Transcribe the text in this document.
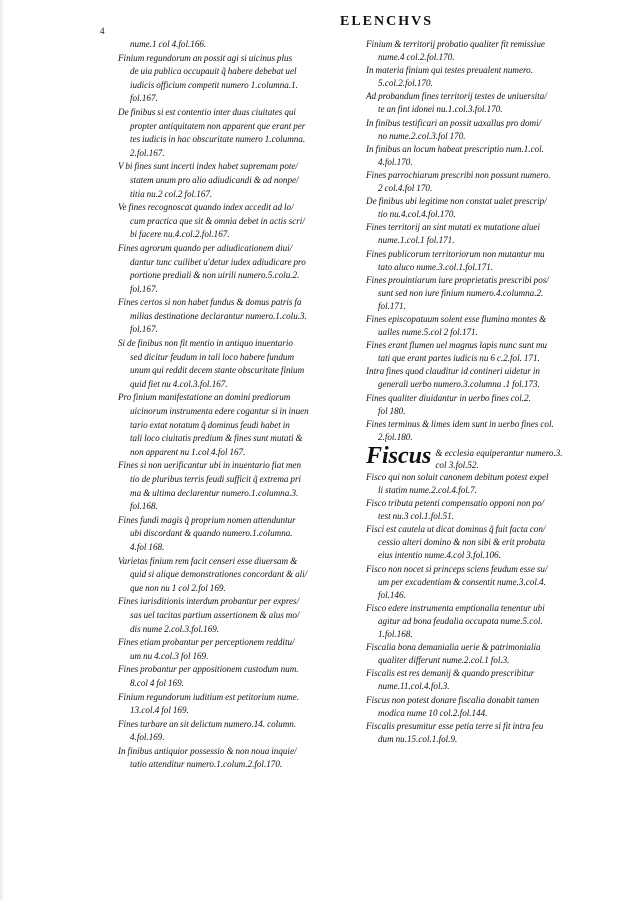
4
ELENCHVS

nume.1 col 4.fol.166.

Finium regundorum an possit agi si uicinus plus
de uia publica occupauit q̃ habere debebat uel
iudicis officium competit numero 1.columna.1.
fol.167.

De finibus si est contentio inter duas ciuitates qui
propter antiquitatem non apparent que erant per
tes iudicis in hac obscuritate numero 1.columna.
2.fol.167.

V bi fines sunt incerti index habet supremam pote/
statem unum pro alio adiudicandi & ad nonpe/
titia nu.2 col.2 fol.167.

Ve fines recognoscat quando index accedit ad lo/
cum practica que sit & omnia debet in actis scri/
bi facere nu.4.col.2.fol.167.

Fines agrorum quando per adiudicationem diui/
dantur tunc cuilibet u'detur iudex adiudicare pro
portione prediali & non uirili numero.5.colu.2.
fol.167.

Fines certos si non habet fundus & domus patris fa
milias destinatione declarantur numero.1.colu.3.
fol.167.

Si de finibus non fit mentio in antiquo inuentario
sed dicitur feudum in tali loco habere fundum
unum qui reddit decem stante obscuritate finium
quid fiet nu 4.col.3.fol.167.

Pro finium manifestatione an domini prediorum
uicinorum instrumenta edere cogantur si in inuen
tario extat notatum q̃ dominus feudi habet in
tali loco ciuitatis predium & fines sunt mutati &
non apparent nu 1.col 4.fol 167.

Fines si non uerificantur ubi in inuentario fiat men
tio de pluribus terris feudi sufficit q̃ extrema pri
ma & ultima declarentur numero.1.columna.3.
fol.168.

Fines fundi magis q̃ proprium nomen attenduntur
ubi discordant & quando numero.1.columna.
4.fol 168.

Varietas finium rem facit censeri esse diuersam &
quid si alique demonstrationes concordant & ali/
que non nu 1 col 2.fol 169.

Fines iurisditionis interdum probantur per expres/
sas uel tacitas partium assertionem & alus mo/
dis nume 2.col.3.fol.169.

Fines etiam probantur per perceptionem redditu/
um nu 4.col.3 fol 169.

Fines probantur per appositionem custodum num.
8.col 4 fol 169.

Finium regundorum iuditium est petitorium nume.
13.col.4 fol 169.

Fines turbare an sit delictum numero.14. column.
4.fol.169.

In finibus antiquior possessio & non noua inquie/
tatio attenditur numero.1.colum.2.fol.170.

Finium & territorij probatio qualiter fit remissiue
nume.4 col.2.fol.170.

In materia finium qui testes preualent numero.
5.col.2.fol.170.

Ad probandum fines territorij testes de uniuersita/
te an fint idonei nu.1.col.3.fol.170.

In finibus testificari an possit uaxallus pro domi/
no nume.2.col.3.fol 170.

In finibus an locum habeat prescriptio num.1.col.
4.fol.170.

Fines parrochiarum prescribi non possunt numero.
2 col.4.fol 170.

De finibus ubi legitime non constat ualet prescrip/
tio nu.4.col.4.fol.170.

Fines territorij an sint mutati ex mutatione aluei
nume.1.col.1 fol.171.

Fines publicorum territoriorum non mutantur mu
tato aluco nume.3.col.1.fol.171.

Fines prouintiarum iure proprietatis prescribi pos/
sunt sed non iure finium numero.4.columna.2.
fol.171.

Fines episcopatuum solent esse flumina montes &
ualles nume.5.col 2 fol.171.

Fines erant flumen uel magnus lapis nunc sunt mu
tati que erant partes iudicis nu 6 c.2.fol. 171.

Intra fines quod clauditur id contineri uidetur in
generali uerbo numero.3.columna .1 fol.173.

Fines qualiter diuidantur in uerbo fines col.2.
fol 180.

Fines terminus & limes idem sunt in uerbo fines col.
2.fol.180.

Fiscus & ecclesia equiperantur numero.3.
col 3.fol.52.

Fisco qui non soluit canonem debitum potest expel
li statim nume.2.col.4.fol.7.

Fisco tributa petenti compensatio opponi non po/
test nu.3 col.1.fol.51.

Fisci est cautela ut dicat dominus q̃ fuit facta con/
cessio alteri domino & non sibi & erit probata
eius intentio nume.4.col 3.fol.106.

Fisco non nocet si princeps sciens feudum esse su/
um per excadentiam & consentit nume.3.col.4.
fol.146.

Fisco edere instrumenta emptionalia tenentur ubi
agitur ad bona feudalia occupata nume.5.col.
1.fol.168.

Fiscalia bona demanialia uerie & patrimonialia
qualiter differunt nume.2.col.1 fol.3.

Fiscalis est res demanij & quando prescribitur
nume.11.col.4.fol.3.

Fiscus non potest donare fiscalia donabit tamen
modica nume 10 col.2.fol.144.

Fiscalis presumitur esse petia terre si fit intra feu
dum nu.15.col.1.fol.9.
